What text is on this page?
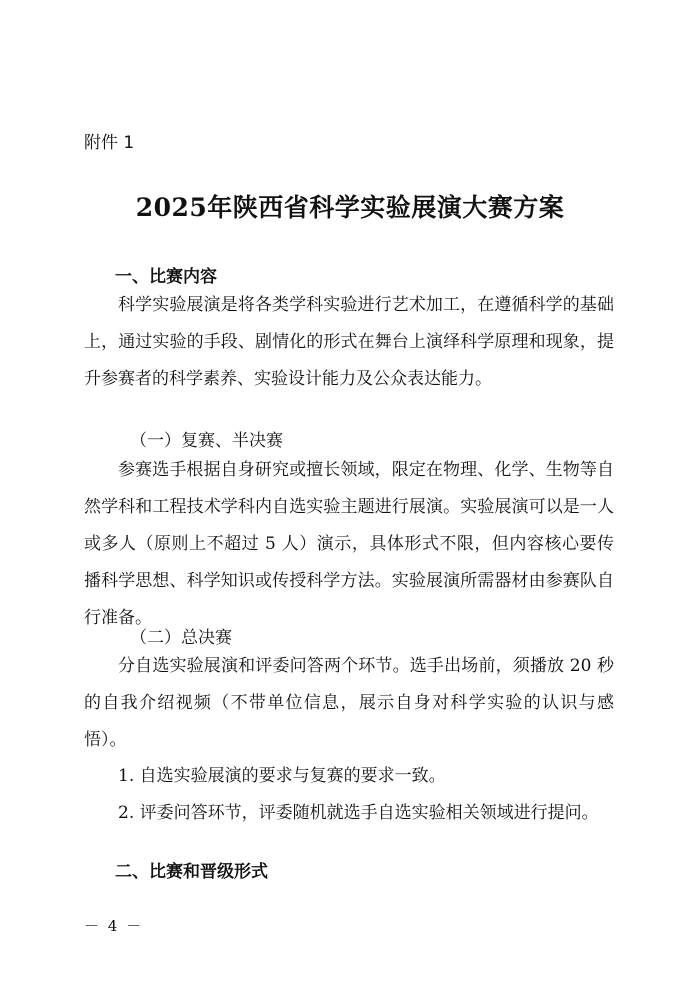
附件 1
2025年陕西省科学实验展演大赛方案
一、比赛内容

科学实验展演是将各类学科实验进行艺术加工，在遵循科学的基础上，通过实验的手段、剧情化的形式在舞台上演绎科学原理和现象，提升参赛者的科学素养、实验设计能力及公众表达能力。

（一）复赛、半决赛

参赛选手根据自身研究或擅长领域，限定在物理、化学、生物等自然学科和工程技术学科内自选实验主题进行展演。实验展演可以是一人或多人（原则上不超过 5 人）演示，具体形式不限，但内容核心要传播科学思想、科学知识或传授科学方法。实验展演所需器材由参赛队自行准备。

（二）总决赛

分自选实验展演和评委问答两个环节。选手出场前，须播放 20 秒的自我介绍视频（不带单位信息，展示自身对科学实验的认识与感悟）。

1. 自选实验展演的要求与复赛的要求一致。

2. 评委问答环节，评委随机就选手自选实验相关领域进行提问。

二、比赛和晋级形式
－ 4 －
